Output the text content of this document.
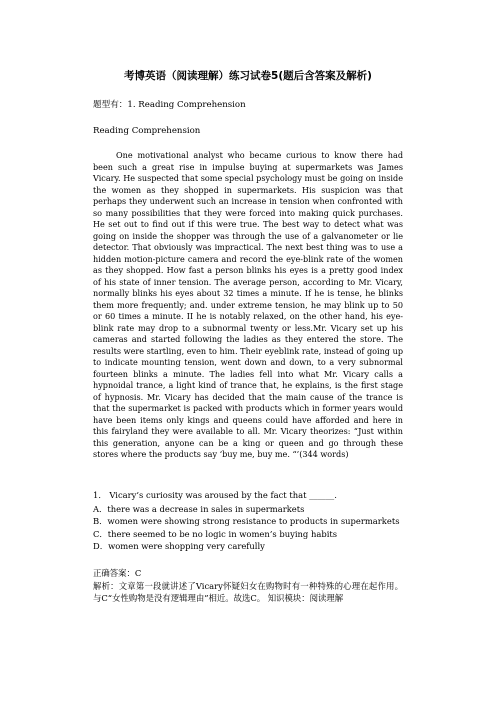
考博英语（阅读理解）练习试卷5(题后含答案及解析)
题型有：1. Reading Comprehension
Reading Comprehension

One motivational analyst who became curious to know there had been such a great rise in impulse buying at supermarkets was James Vicary. He suspected that some special psychology must be going on inside the women as they shopped in supermarkets. His suspicion was that perhaps they underwent such an increase in tension when confronted with so many possibilities that they were forced into making quick purchases. He set out to find out if this were true. The best way to detect what was going on inside the shopper was through the use of a galvanometer or lie detector. That obviously was impractical. The next best thing was to use a hidden motion-picture camera and record the eye-blink rate of the women as they shopped. How fast a person blinks his eyes is a pretty good index of his state of inner tension. The average person, according to Mr. Vicary, normally blinks his eyes about 32 times a minute. If he is tense, he blinks them more frequently; and. under extreme tension, he may blink up to 50 or 60 times a minute. II he is notably relaxed, on the other hand, his eye-blink rate may drop to a subnormal twenty or less.Mr. Vicary set up his cameras and started following the ladies as they entered the store. The results were startling, even to him. Their eyeblink rate, instead of going up to indicate mounting tension, went down and down, to a very subnormal fourteen blinks a minute. The ladies fell into what Mr. Vicary calls a hypnoidal trance, a light kind of trance that, he explains, is the first stage of hypnosis. Mr. Vicary has decided that the main cause of the trance is that the supermarket is packed with products which in former years would have been items only kings and queens could have afforded and here in this fairyland they were available to all. Mr. Vicary theorizes: “Just within this generation, anyone can be a king or queen and go through these stores where the products say ‘buy me, buy me. “’(344 words)

1． Vicary’s curiosity was aroused by the fact that ______.
A．there was a decrease in sales in supermarkets
B．women were showing strong resistance to products in supermarkets
C．there seemed to be no logic in women’s buying habits
D．women were shopping very carefully
正确答案：C

解析：文章第一段就讲述了Vicary怀疑妇女在购物时有一种特殊的心理在起作用。与C“女性购物是没有逻辑理由”相近。故选C。 知识模块：阅读理解
